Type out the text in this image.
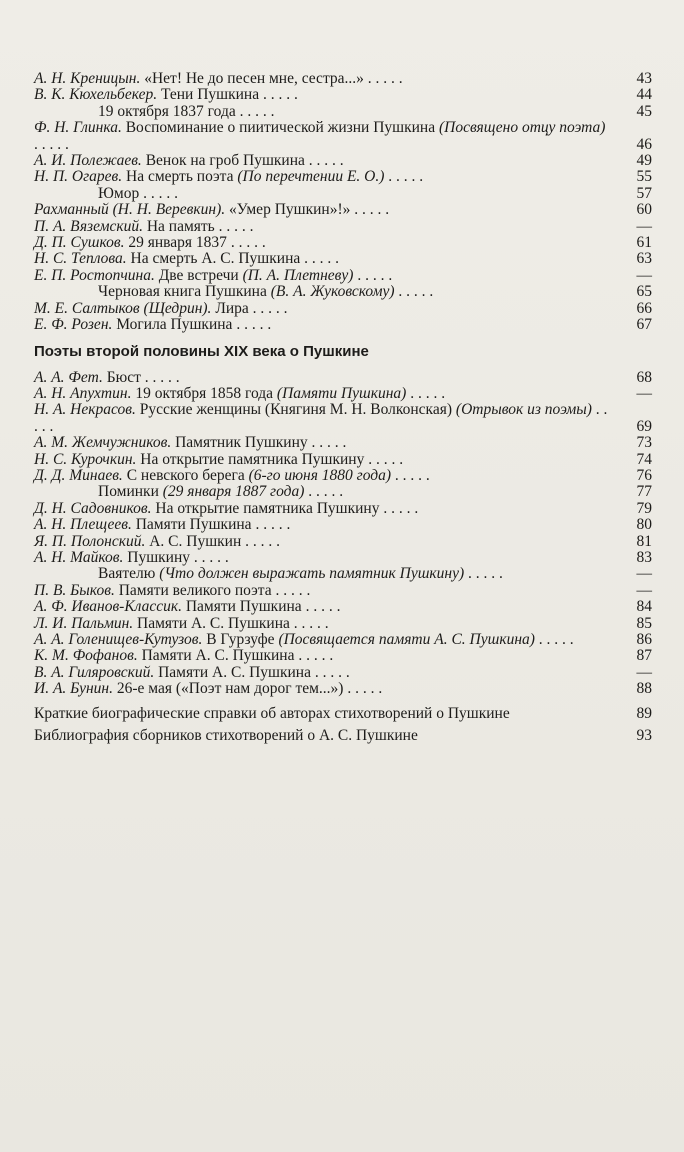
А. Н. Креницын. «Нет! Не до песен мне, сестра...» . . . . .	43
В. К. Кюхельбекер. Тени Пушкина . . . . .	44
19 октября 1837 года . . . . .	45
Ф. Н. Глинка. Воспоминание о пиитической жизни Пушкина (Посвящено отцу поэта) . . . . .	46
А. И. Полежаев. Венок на гроб Пушкина . . . . .	49
Н. П. Огарев. На смерть поэта (По перечтении Е. О.) . . . . .	55
Юмор . . . . .	57
Рахманный (Н. Н. Веревкин). «Умер Пушкин»!» . . . . .	60
П. А. Вяземский. На память . . . . .	—
Д. П. Сушков. 29 января 1837 . . . . .	61
Н. С. Теплова. На смерть А. С. Пушкина . . . . .	63
Е. П. Ростопчина. Две встречи (П. А. Плетневу) . . . . .	—
Черновая книга Пушкина (В. А. Жуковскому) . . . . .	65
М. Е. Салтыков (Щедрин). Лира . . . . .	66
Е. Ф. Розен. Могила Пушкина . . . . .	67
Поэты второй половины XIX века о Пушкине
А. А. Фет. Бюст . . . . .	68
А. Н. Апухтин. 19 октября 1858 года (Памяти Пушкина) . . . . .	—
Н. А. Некрасов. Русские женщины (Княгиня М. Н. Волконская) (Отрывок из поэмы) . . . . .	69
А. М. Жемчужников. Памятник Пушкину . . . . .	73
Н. С. Курочкин. На открытие памятника Пушкину . . . . .	74
Д. Д. Минаев. С невского берега (6-го июня 1880 года) . . . . .	76
Поминки (29 января 1887 года) . . . . .	77
Д. Н. Садовников. На открытие памятника Пушкину . . . . .	79
А. Н. Плещеев. Памяти Пушкина . . . . .	80
Я. П. Полонский. А. С. Пушкин . . . . .	81
А. Н. Майков. Пушкину . . . . .	83
Ваятелю (Что должен выражать памятник Пушкину) . . . . .	—
П. В. Быков. Памяти великого поэта . . . . .	—
А. Ф. Иванов-Классик. Памяти Пушкина . . . . .	84
Л. И. Пальмин. Памяти А. С. Пушкина . . . . .	85
А. А. Голенищев-Кутузов. В Гурзуфе (Посвящается памяти А. С. Пушкина) . . . . .	86
К. М. Фофанов. Памяти А. С. Пушкина . . . . .	87
В. А. Гиляровский. Памяти А. С. Пушкина . . . . .	—
И. А. Бунин. 26-е мая («Поэт нам дорог тем...») . . . . .	88
Краткие биографические справки об авторах стихотворений о Пушкине	89
Библиография сборников стихотворений о А. С. Пушкине	93
